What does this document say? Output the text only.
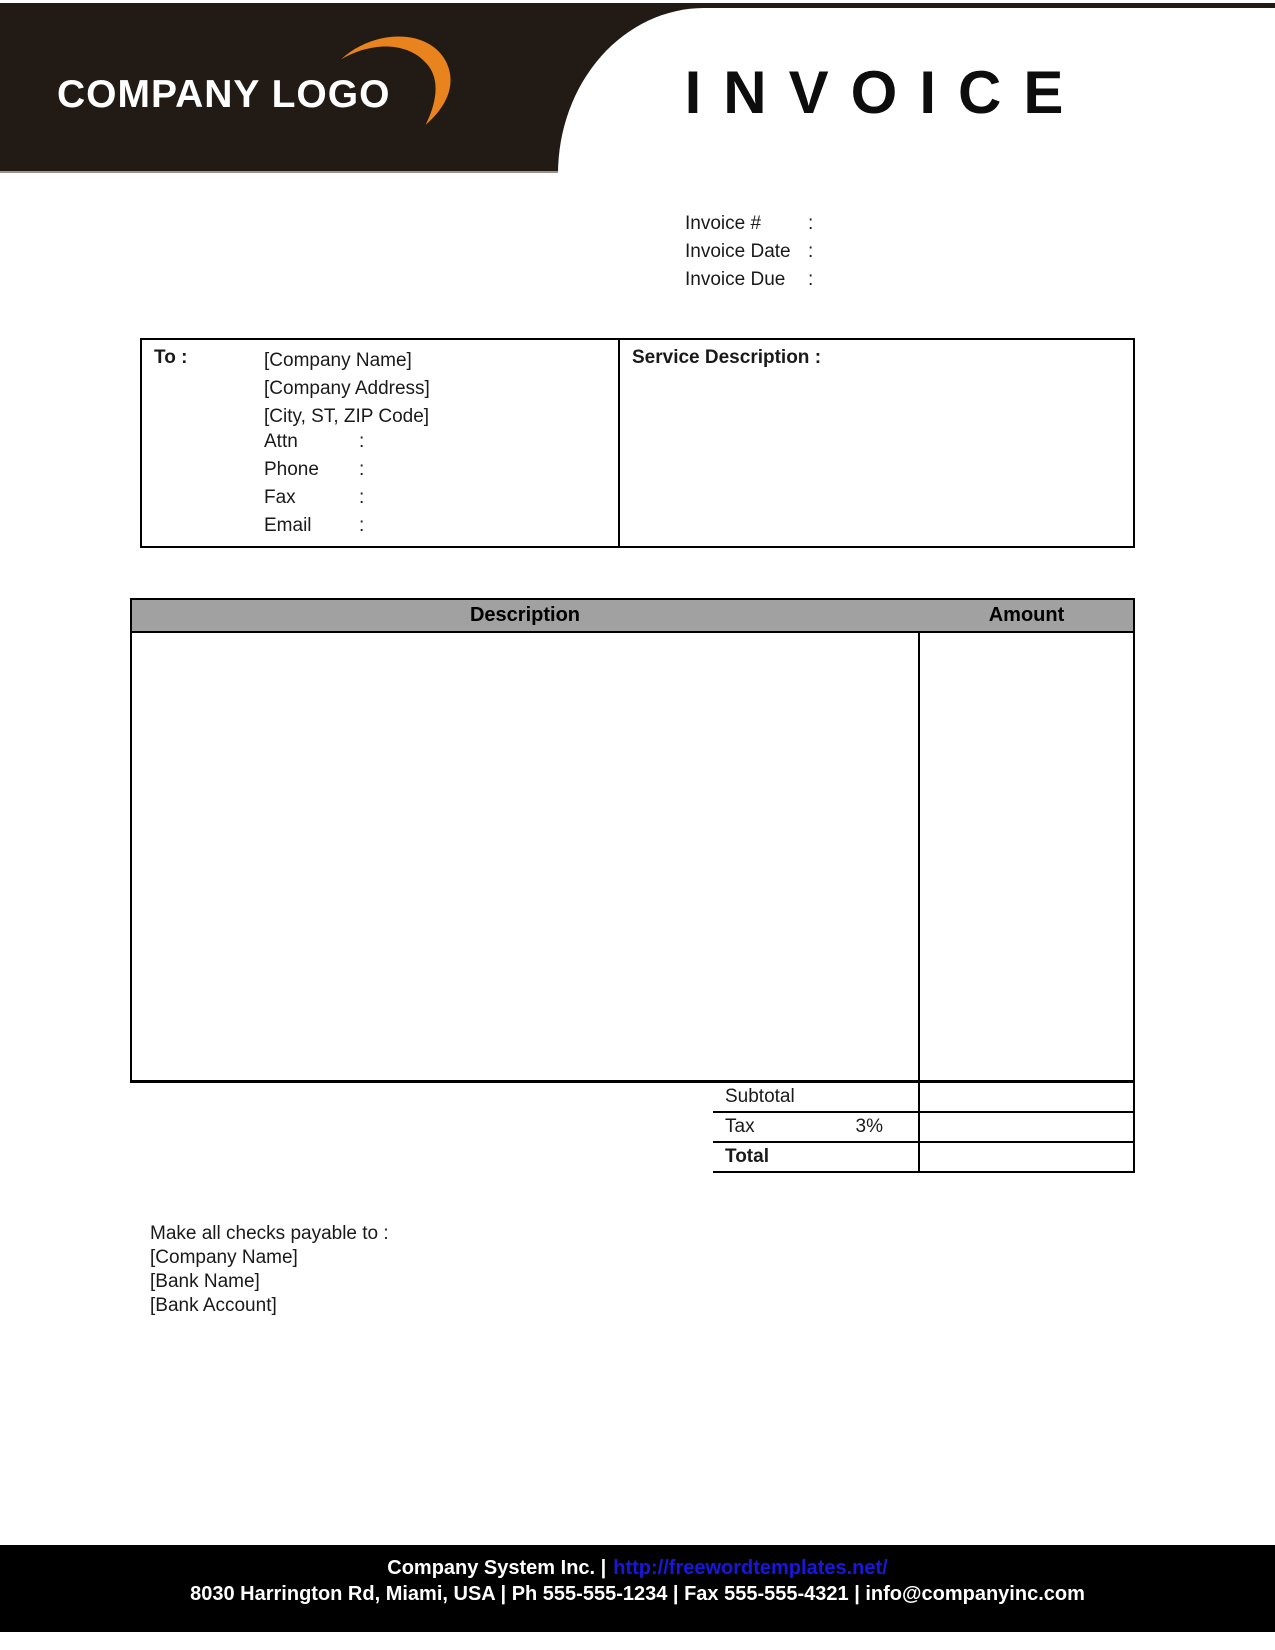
COMPANY LOGO	INVOICE
Invoice # :
Invoice Date :
Invoice Due :
To :	[Company Name]
[Company Address]
[City, ST, ZIP Code]
Attn	:
Phone :
Fax	:
Email :
Service Description :
Description	Amount
Subtotal
Tax	3%
Total
Make all checks payable to :
[Company Name]
[Bank Name]
[Bank Account]
Company System Inc. | http://freewordtemplates.net/
8030 Harrington Rd, Miami, USA | Ph 555-555-1234 | Fax 555-555-4321 | info@companyinc.com
